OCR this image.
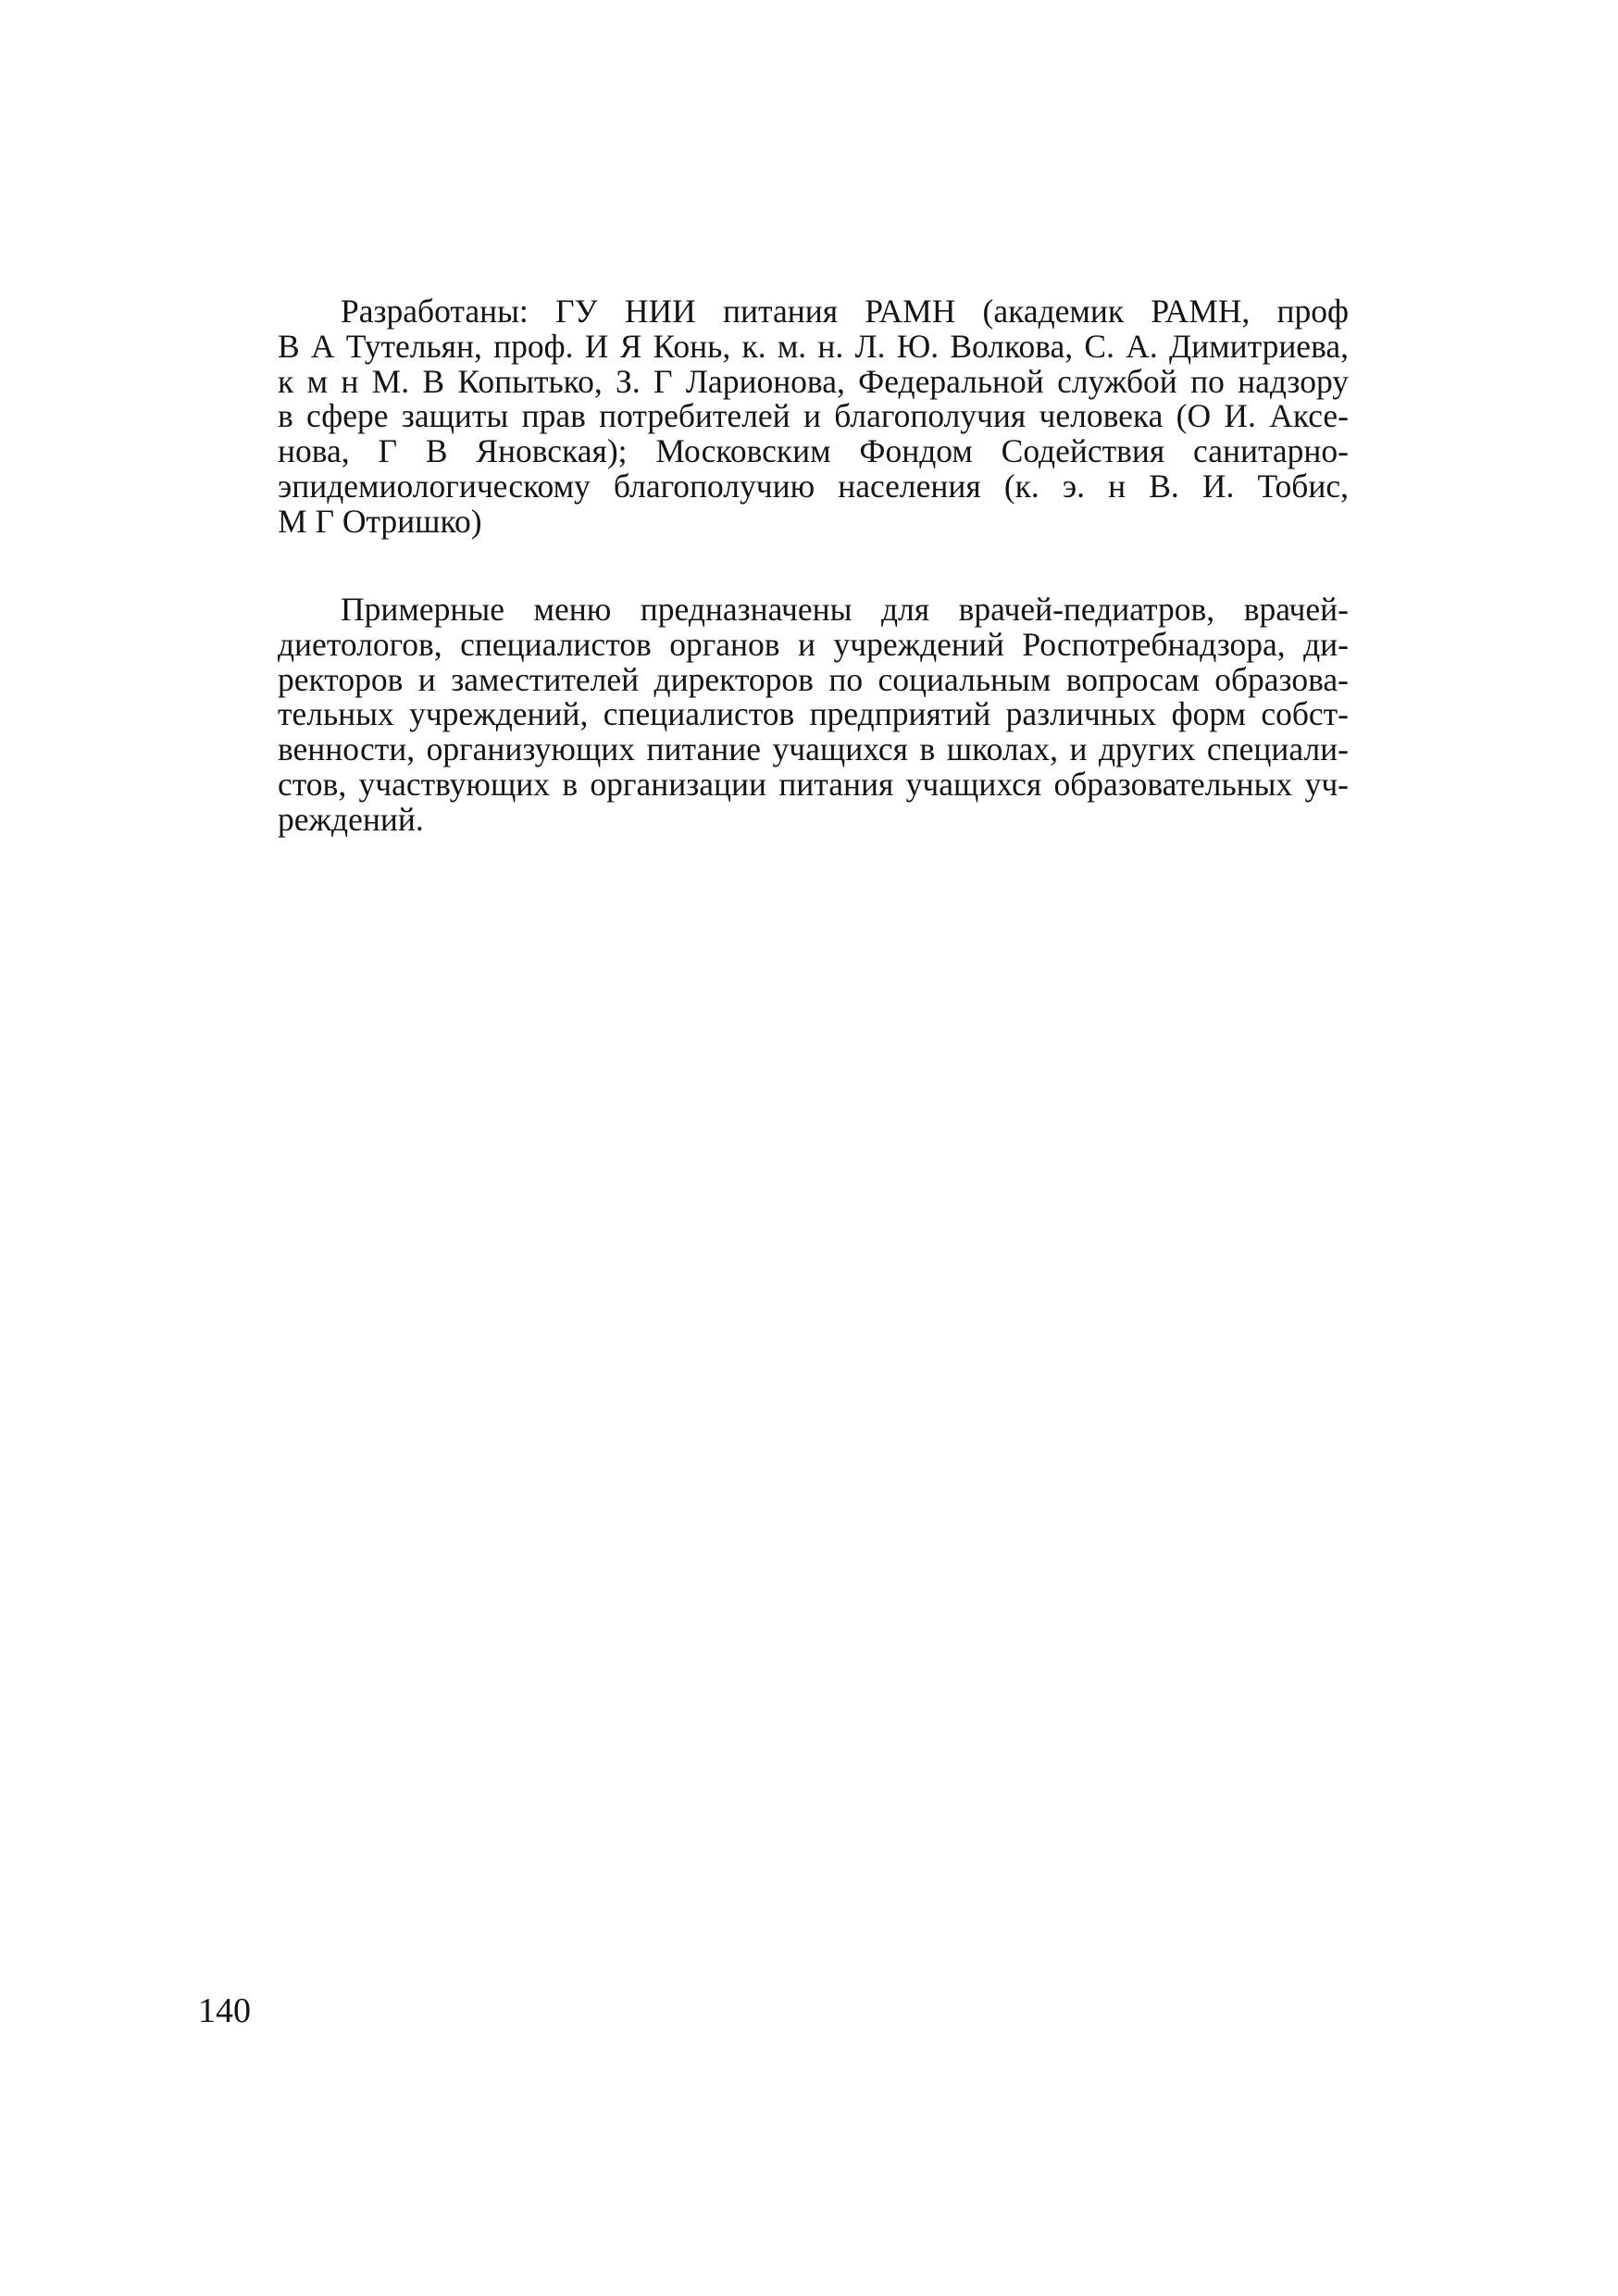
Разработаны: ГУ НИИ питания РАМН (академик РАМН, проф
В А Тутельян, проф. И Я Конь, к. м. н. Л. Ю. Волкова, С. А. Димитриева,
к м н М. В Копытько, З. Г Ларионова, Федеральной службой по надзору
в сфере защиты прав потребителей и благополучия человека (О И. Аксе-
нова, Г В Яновская); Московским Фондом Содействия санитарно-
эпидемиологическому благополучию населения (к. э. н В. И. Тобис,
М Г Отришко)
Примерные меню предназначены для врачей-педиатров, врачей-
диетологов, специалистов органов и учреждений Роспотребнадзора, ди-
ректоров и заместителей директоров по социальным вопросам образова-
тельных учреждений, специалистов предприятий различных форм собст-
венности, организующих питание учащихся в школах, и других специали-
стов, участвующих в организации питания учащихся образовательных уч-
реждений.
140
